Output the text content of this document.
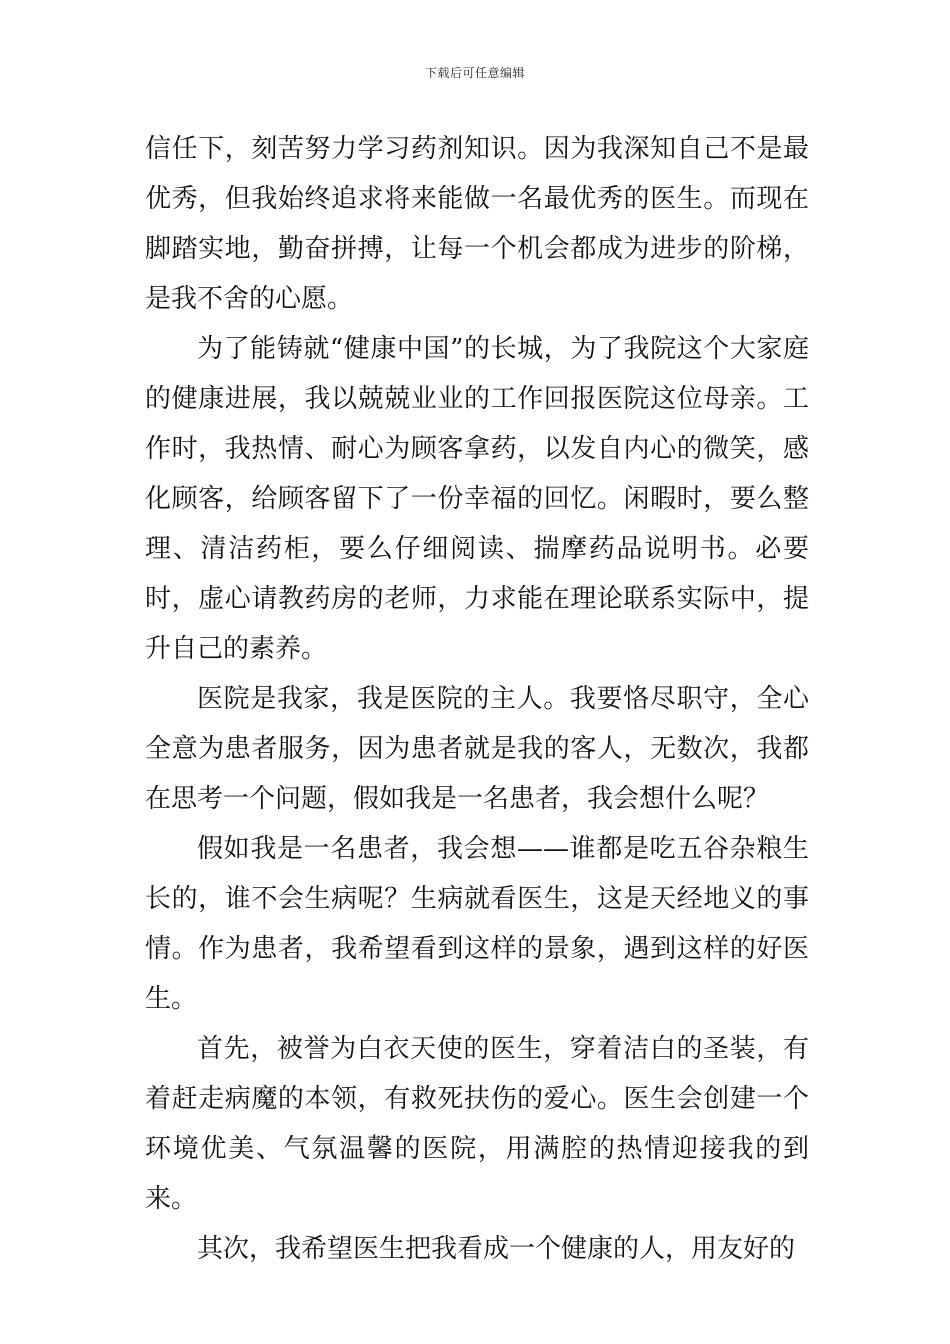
下载后可任意编辑

信任下，刻苦努力学习药剂知识。因为我深知自己不是最优秀，但我始终追求将来能做一名最优秀的医生。而现在脚踏实地，勤奋拼搏，让每一个机会都成为进步的阶梯，是我不舍的心愿。

为了能铸就“健康中国”的长城，为了我院这个大家庭的健康进展，我以兢兢业业的工作回报医院这位母亲。工作时，我热情、耐心为顾客拿药，以发自内心的微笑，感化顾客，给顾客留下了一份幸福的回忆。闲暇时，要么整理、清洁药柜，要么仔细阅读、揣摩药品说明书。必要时，虚心请教药房的老师，力求能在理论联系实际中，提升自己的素养。

医院是我家，我是医院的主人。我要恪尽职守，全心全意为患者服务，因为患者就是我的客人，无数次，我都在思考一个问题，假如我是一名患者，我会想什么呢？

假如我是一名患者，我会想——谁都是吃五谷杂粮生长的，谁不会生病呢？生病就看医生，这是天经地义的事情。作为患者，我希望看到这样的景象，遇到这样的好医生。

首先，被誉为白衣天使的医生，穿着洁白的圣装，有着赶走病魔的本领，有救死扶伤的爱心。医生会创建一个环境优美、气氛温馨的医院，用满腔的热情迎接我的到来。

其次，我希望医生把我看成一个健康的人，用友好的
